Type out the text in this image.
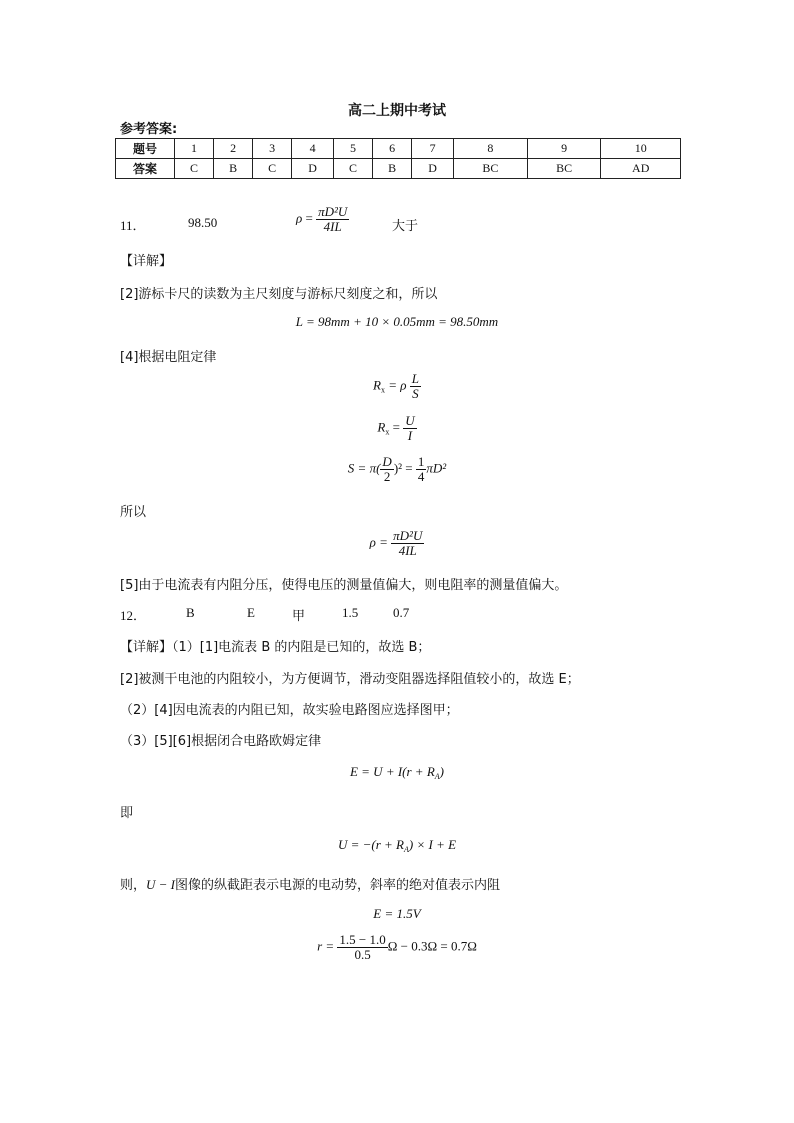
高二上期中考试
参考答案:
题号	1	2	3	4	5	6	7	8	9	10
答案	C	B	C	D	C	B	D	BC	BC	AD
11．	98.50	$\rho = \frac{\text{πD²U}}{4IL}$	大于
【详解】
[2]游标卡尺的读数为主尺刻度与游标尺刻度之和，所以
L = 98mm + 10 × 0.05mm = 98.50mm
[4]根据电阻定律
$R_x = \rho \frac{L}{S}$
$R_x = \frac{U}{I}$
$S = \pi( \frac{D}{2} )^2 = \frac{1}{4} \pi D^2$
所以
$\rho = \frac{\text{πD²U}}{4IL}$
[5]由于电流表有内阻分压，使得电压的测量值偏大，则电阻率的测量值偏大。
12．	B	E	甲	1.5	0.7
【详解】（1）[1]电流表 B 的内阻是已知的，故选 B；
[2]被测干电池的内阻较小，为方便调节，滑动变阻器选择阻值较小的，故选 E；
（2）[4]因电流表的内阻已知，故实验电路图应选择图甲；
（3）[5][6]根据闭合电路欧姆定律
$E = U + I(r + R_A)$
即
$U = -(r + R_A) \times I + E$
则，U − I图像的纵截距表示电源的电动势，斜率的绝对值表示内阻
E = 1.5V
$r = \frac{1.5 - 1.0}{0.5}$ Ω − 0.3Ω = 0.7Ω
